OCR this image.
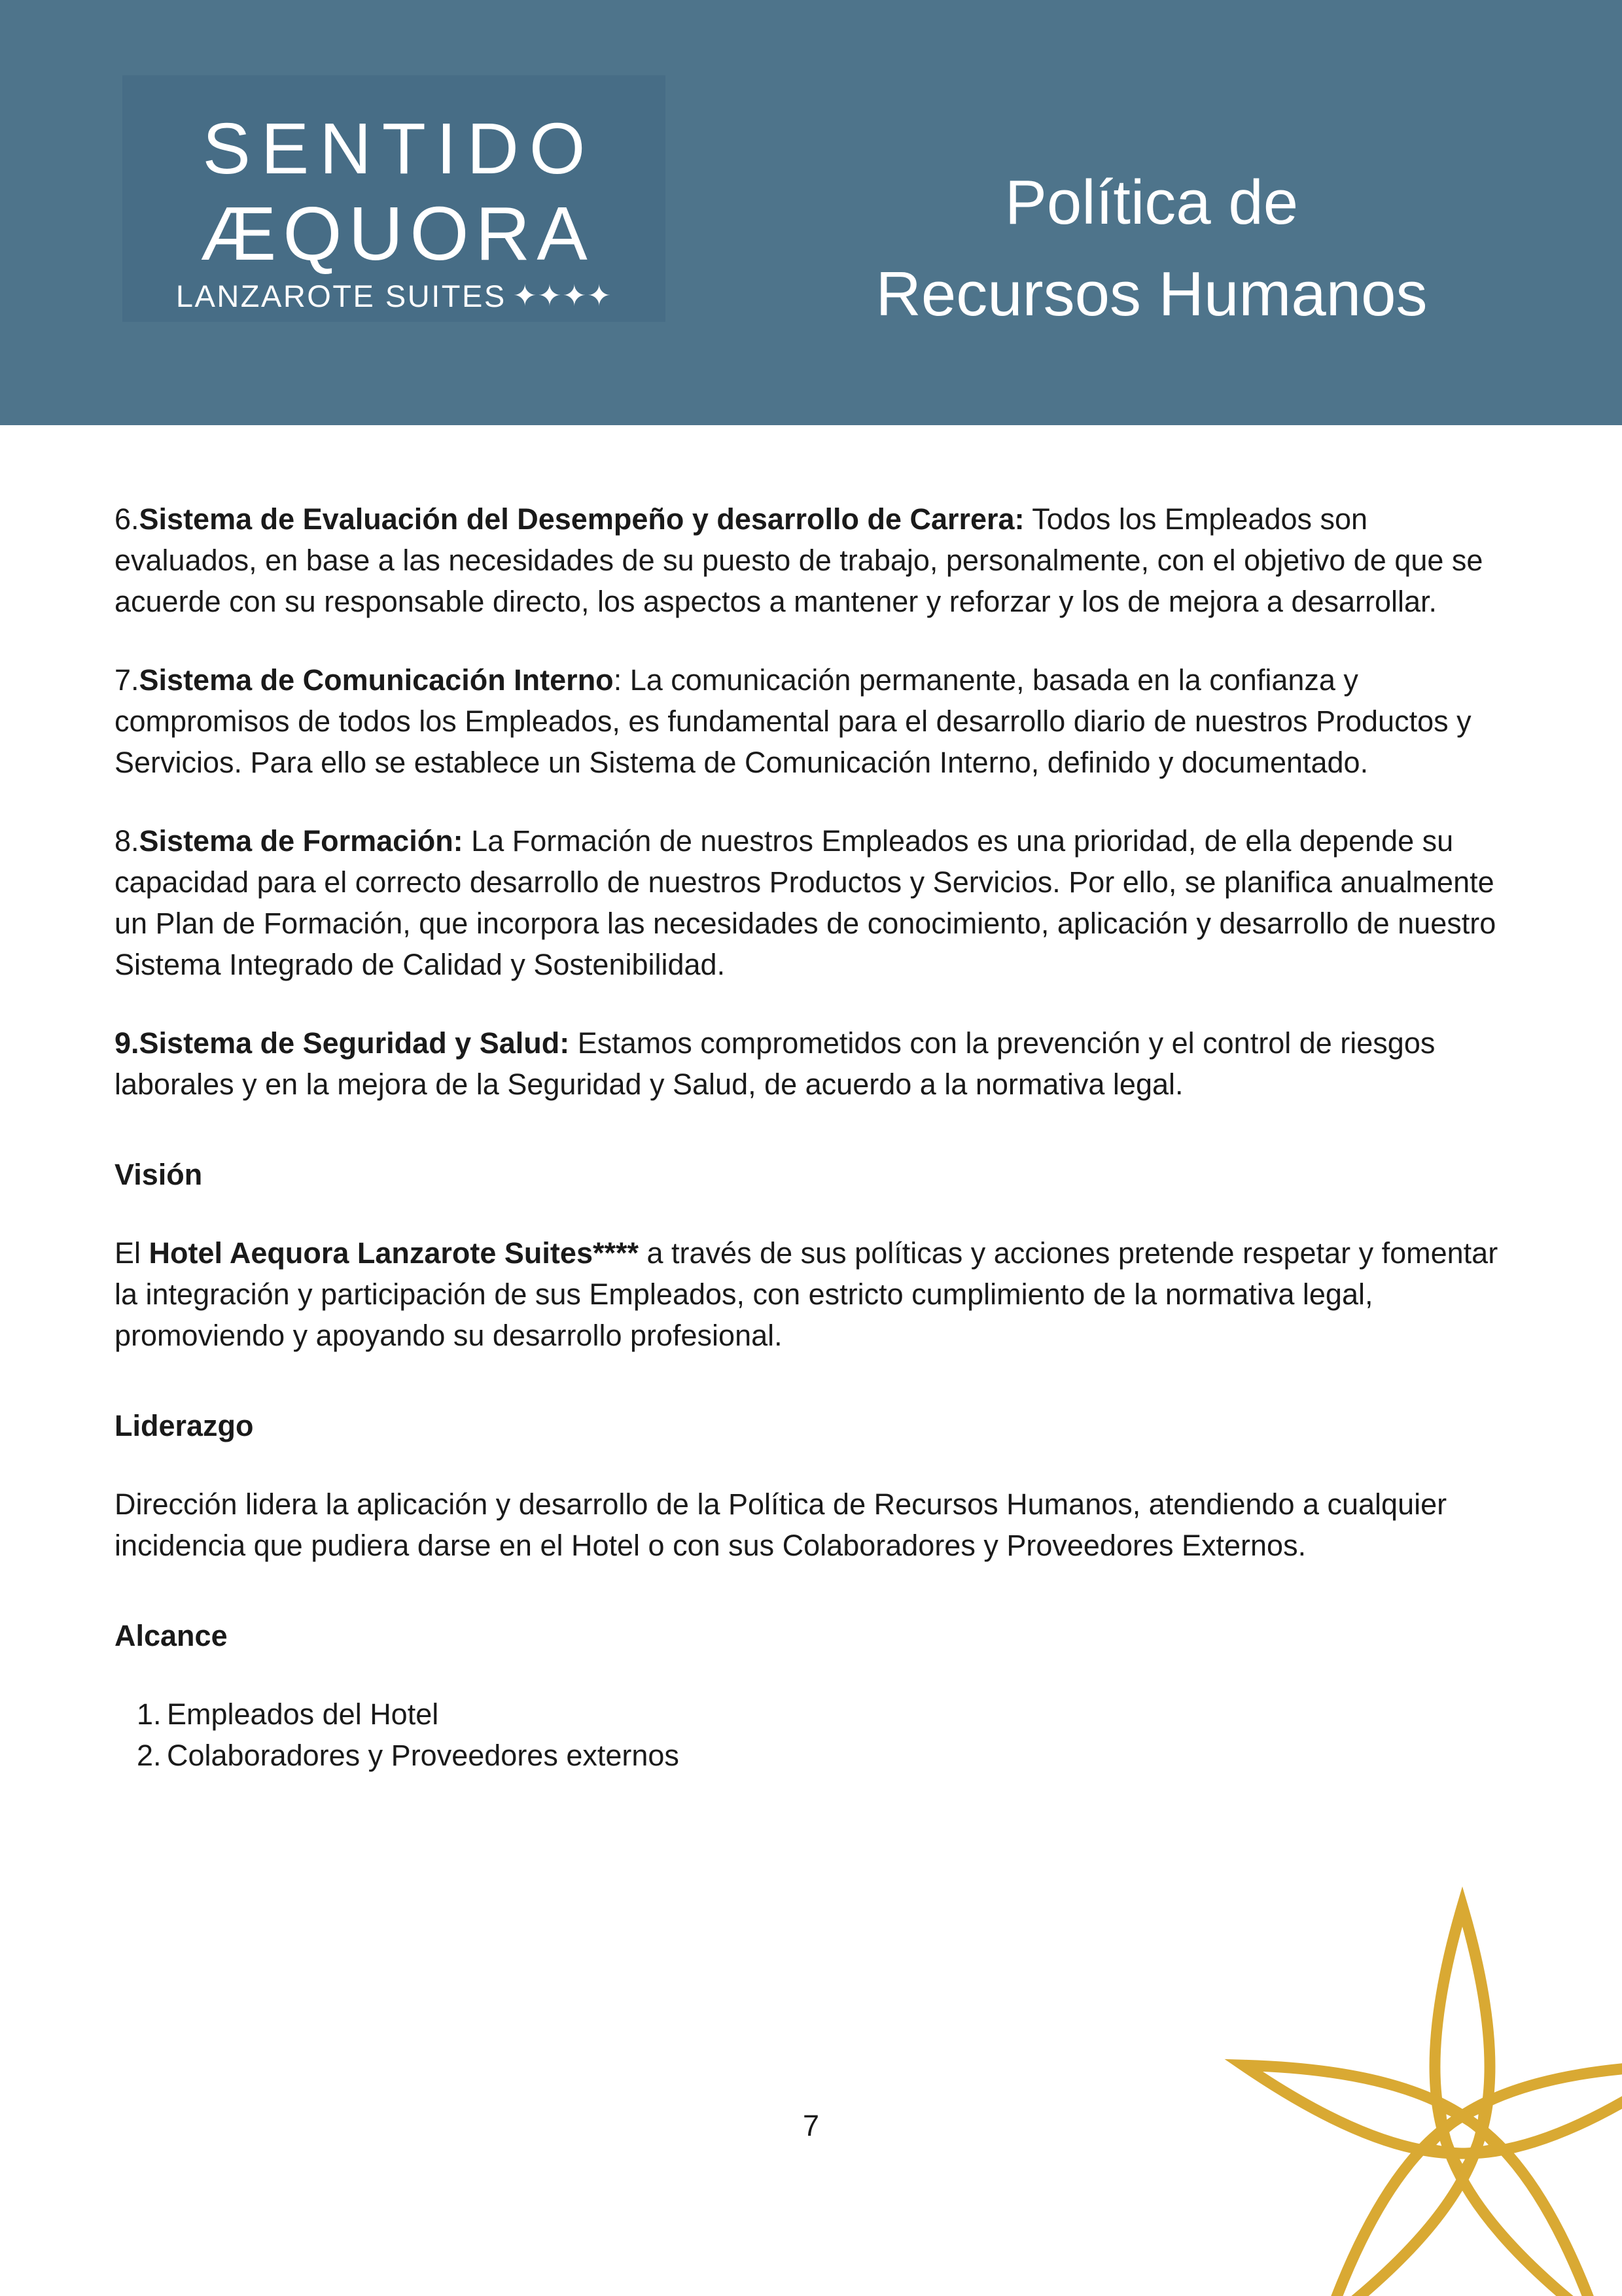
SENTIDO
ÆQUORA
LANZAROTE SUITES ✦✦✦✦
Política de
Recursos Humanos

6.Sistema de Evaluación del Desempeño y desarrollo de Carrera: Todos los Empleados son evaluados, en base a las necesidades de su puesto de trabajo, personalmente, con el objetivo de que se acuerde con su responsable directo, los aspectos a mantener y reforzar y los de mejora a desarrollar.

7.Sistema de Comunicación Interno: La comunicación permanente, basada en la confianza y compromisos de todos los Empleados, es fundamental para el desarrollo diario de nuestros Productos y Servicios. Para ello se establece un Sistema de Comunicación Interno, definido y documentado.

8.Sistema de Formación: La Formación de nuestros Empleados es una prioridad, de ella depende su capacidad para el correcto desarrollo de nuestros Productos y Servicios. Por ello, se planifica anualmente un Plan de Formación, que incorpora las necesidades de conocimiento, aplicación y desarrollo de nuestro Sistema Integrado de Calidad y Sostenibilidad.

9.Sistema de Seguridad y Salud: Estamos comprometidos con la prevención y el control de riesgos laborales y en la mejora de la Seguridad y Salud, de acuerdo a la normativa legal.

Visión

El Hotel Aequora Lanzarote Suites**** a través de sus políticas y acciones pretende respetar y fomentar la integración y participación de sus Empleados, con estricto cumplimiento de la normativa legal, promoviendo y apoyando su desarrollo profesional.

Liderazgo

Dirección lidera la aplicación y desarrollo de la Política de Recursos Humanos, atendiendo a cualquier incidencia que pudiera darse en el Hotel o con sus Colaboradores y Proveedores Externos.

Alcance
1. Empleados del Hotel
2. Colaboradores y Proveedores externos
7
